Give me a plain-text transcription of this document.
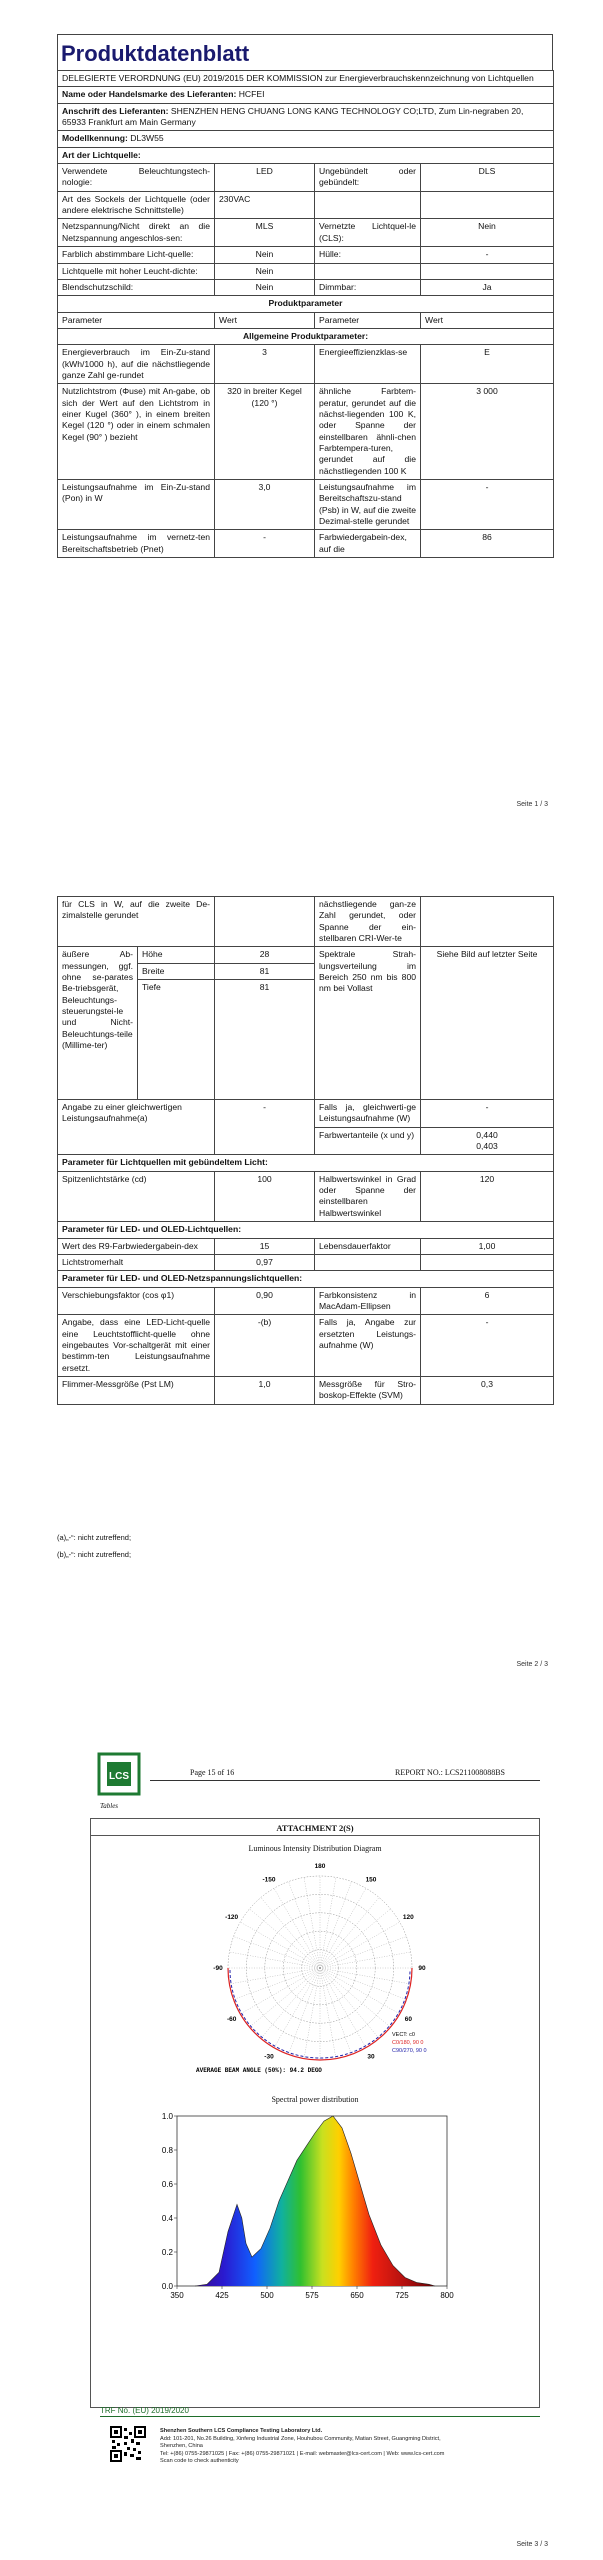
Produktdatenblatt
DELEGIERTE VERORDNUNG (EU) 2019/2015 DER KOMMISSION zur Energieverbrauchskennzeichnung von Lichtquellen			
Name oder Handelsmarke des Lieferanten: HCFEI			
Anschrift des Lieferanten: SHENZHEN HENG CHUANG LONG KANG TECHNOLOGY CO;LTD, Zum Lin-negraben 20, 65933 Frankfurt am Main Germany			
Modellkennung: DL3W55			
Art der Lichtquelle:			
Verwendete Beleuchtungstech-nologie:	LED	Ungebündelt oder gebündelt:	DLS
Art des Sockels der Lichtquelle (oder andere elektrische Schnittstelle)	230VAC		
Netzspannung/Nicht direkt an die Netzspannung angeschlos-sen:	MLS	Vernetzte Lichtquel-le (CLS):	Nein
Farblich abstimmbare Licht-quelle:	Nein	Hülle:	-
Lichtquelle mit hoher Leucht-dichte:	Nein		
Blendschutzschild:	Nein	Dimmbar:	Ja
Produktparameter			
Parameter	Wert	Parameter	Wert
Allgemeine Produktparameter:			
Energieverbrauch im Ein-Zu-stand (kWh/1000 h), auf die nächstliegende ganze Zahl ge-rundet	3	Energieeffizienzklas-se	E
Nutzlichtstrom (Φuse) mit An-gabe, ob sich der Wert auf den Lichtstrom in einer Kugel (360° ), in einem breiten Kegel (120 °) oder in einem schmalen Kegel (90° ) bezieht	320 in breiter Kegel (120 °)	ähnliche Farbtem-peratur, gerundet auf die nächst-liegenden 100 K, oder Spanne der einstellbaren ähnli-chen Farbtempera-turen, gerundet auf die nächstliegenden 100 K	3 000
Leistungsaufnahme im Ein-Zu-stand (Pon) in W	3,0	Leistungsaufnahme im Bereitschaftszu-stand (Psb) in W, auf die zweite Dezimal-stelle gerundet	-
Leistungsaufnahme im vernetz-ten Bereitschaftsbetrieb (Pnet)	-	Farbwiedergabein-dex, auf die	86
Seite 1 / 3
für CLS in W, auf die zweite De-zimalstelle gerundet			nächstliegende gan-ze Zahl gerundet, oder Spanne der ein-stellbaren CRI-Wer-te	
äußere Ab-messungen, ggf. ohne se-parates Be-triebsgerät, Beleuchtungs-steuerungstei-le und Nicht-Beleuchtungs-teile (Millime-ter)	Höhe	28	Spektrale Strah-lungsverteilung im Bereich 250 nm bis 800 nm bei Vollast	Siehe Bild auf letzter Seite
	Breite	81		
	Tiefe	81		
Angabe zu einer gleichwertigen Leistungsaufnahme(a)		-	Falls ja, gleichwerti-ge Leistungsaufnahme (W)	-
			Farbwertanteile (x und y)	0,440
0,403

Parameter für Lichtquellen mit gebündeltem Licht:				
Spitzenlichtstärke (cd)		100	Halbwertswinkel in Grad oder Spanne der einstellbaren Halbwertswinkel	120
Parameter für LED- und OLED-Lichtquellen:				
Wert des R9-Farbwiedergabein-dex		15	Lebensdauerfaktor	1,00
Lichtstromerhalt		0,97		
Parameter für LED- und OLED-Netzspannungslichtquellen:				
Verschiebungsfaktor (cos φ1)		0,90	Farbkonsistenz in MacAdam-Ellipsen	6
Angabe, dass eine LED-Licht-quelle eine Leuchtstofflicht-quelle ohne eingebautes Vor-schaltgerät mit einer bestimm-ten Leistungsaufnahme ersetzt.		-(b)	Falls ja, Angabe zur ersetzten Leistungs-aufnahme (W)	-
Flimmer-Messgröße (Pst LM)		1,0	Messgröße für Stro-boskop-Effekte (SVM)	0,3
(a)„-“: nicht zutreffend;
(b)„-“: nicht zutreffend;
Seite 2 / 3
LCS
Tables
Page 15 of 16	REPORT NO.: LCS211008088BS
ATTACHMENT 2(S)
Luminous Intensity Distribution Diagram
-150
-120
-90
-60
-30
0
30
60
90
120
150
180
VECT: c0
C0/180, 90 0
C90/270, 90 0
AVERAGE BEAM ANGLE (50%): 94.2 DEG
Spectral power distribution
350	425	500	575	650	725	800
0.0
0.2
0.4
0.6
0.8
1.0
TRF No. (EU) 2019/2020
Shenzhen Southern LCS Compliance Testing Laboratory Ltd.
Add: 101-201, No.26 Building, Xinfeng Industrial Zone, Houhubou Community, Matian Street, Guangming District,
Shenzhen, China
Tel: +(86) 0755-29871025 | Fax: +(86) 0755-29871021 | E-mail: webmaster@lcs-cert.com | Web: www.lcs-cert.com
Scan code to check authenticity
Seite 3 / 3
